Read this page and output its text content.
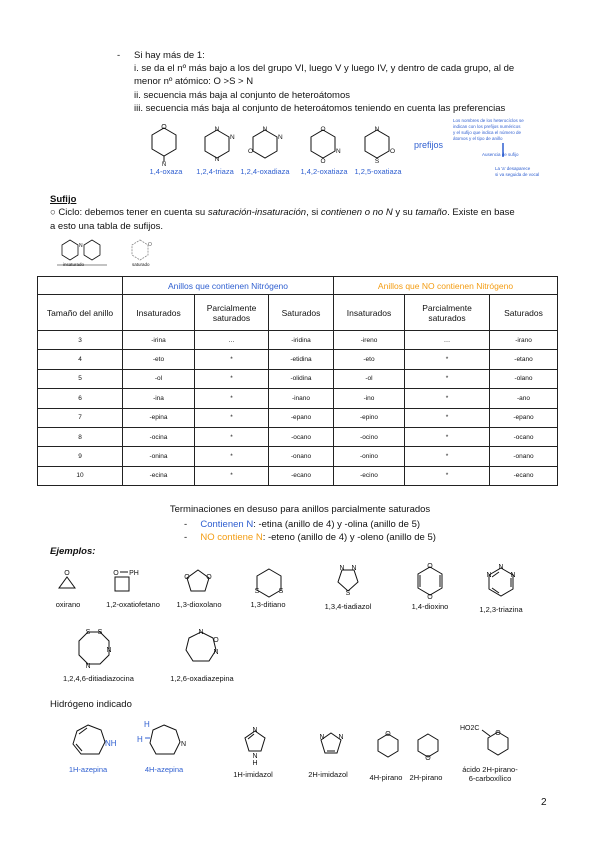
- Si hay más de 1:
i. se da el nº más bajo a los del grupo VI, luego V y luego IV, y dentro de cada grupo, al de
menor nº atómico: O >S > N
ii. secuencia más baja al conjunto de heteroátomos
iii. secuencia más baja al conjunto de heteroátomos teniendo en cuenta las preferencias
O
N
1,4-oxaza
N
N
N
1,2,4-triaza
N
O
N
1,2,4-oxadiaza
O
O
N
1,4,2-oxatiaza
N
O
S
1,2,5-oxatiaza
prefijos
Los nombres de los heterocíclos se
indican con los prefijos numéricos
y el sufijo que indica el número de
átomos y el tipo de anillo
Ausencia de sufijo
La 'a' desaparece
si va seguida de vocal
Sufijo
○ Ciclo: debemos tener en cuenta su saturación-insaturación, si contienen o no N y su tamaño. Existe en base
a esto una tabla de sufijos.
N	O
insaturado	saturado
	Anillos que contienen Nitrógeno			Anillos que NO contienen Nitrógeno		
Tamaño del anillo	Insaturados	Parcialmente saturados	Saturados	Insaturados	Parcialmente saturados	Saturados
3	-irina	…	-iridina	-ireno	…	-irano
4	-eto	*	-etidina	-eto	*	-etano
5	-ol	*	-olidina	-ol	*	-olano
6	-ina	*	-inano	-ino	*	-ano
7	-epina	*	-epano	-epino	*	-epano
8	-ocina	*	-ocano	-ocino	*	-ocano
9	-onina	*	-onano	-onino	*	-onano
10	-ecina	*	-ecano	-ecino	*	-ecano
Terminaciones en desuso para anillos parcialmente saturados
- Contienen N: -etina (anillo de 4) y -olina (anillo de 5)
- NO contiene N: -eteno (anillo de 4) y -oleno (anillo de 5)
Ejemplos:
O
oxirano
O PH
1,2-oxatiofetano
O O
1,3-dioxolano
S	S
1,3-ditiano
N N
S
1,3,4-tiadiazol
O
O
1,4-dioxino
N
N
N
1,2,3-triazina
S S
N
N
1,2,4,6-ditiadiazocina
N
O
N
1,2,6-oxadiazepina
Hidrógeno indicado
NH
1H-azepina
H
H
N
4H-azepina
N
N
H
1H-imidazol
N N
2H-imidazol
O
4H-pirano
O
2H-pirano
HO2C
O
ácido 2H-pirano-6-carboxílico
2
